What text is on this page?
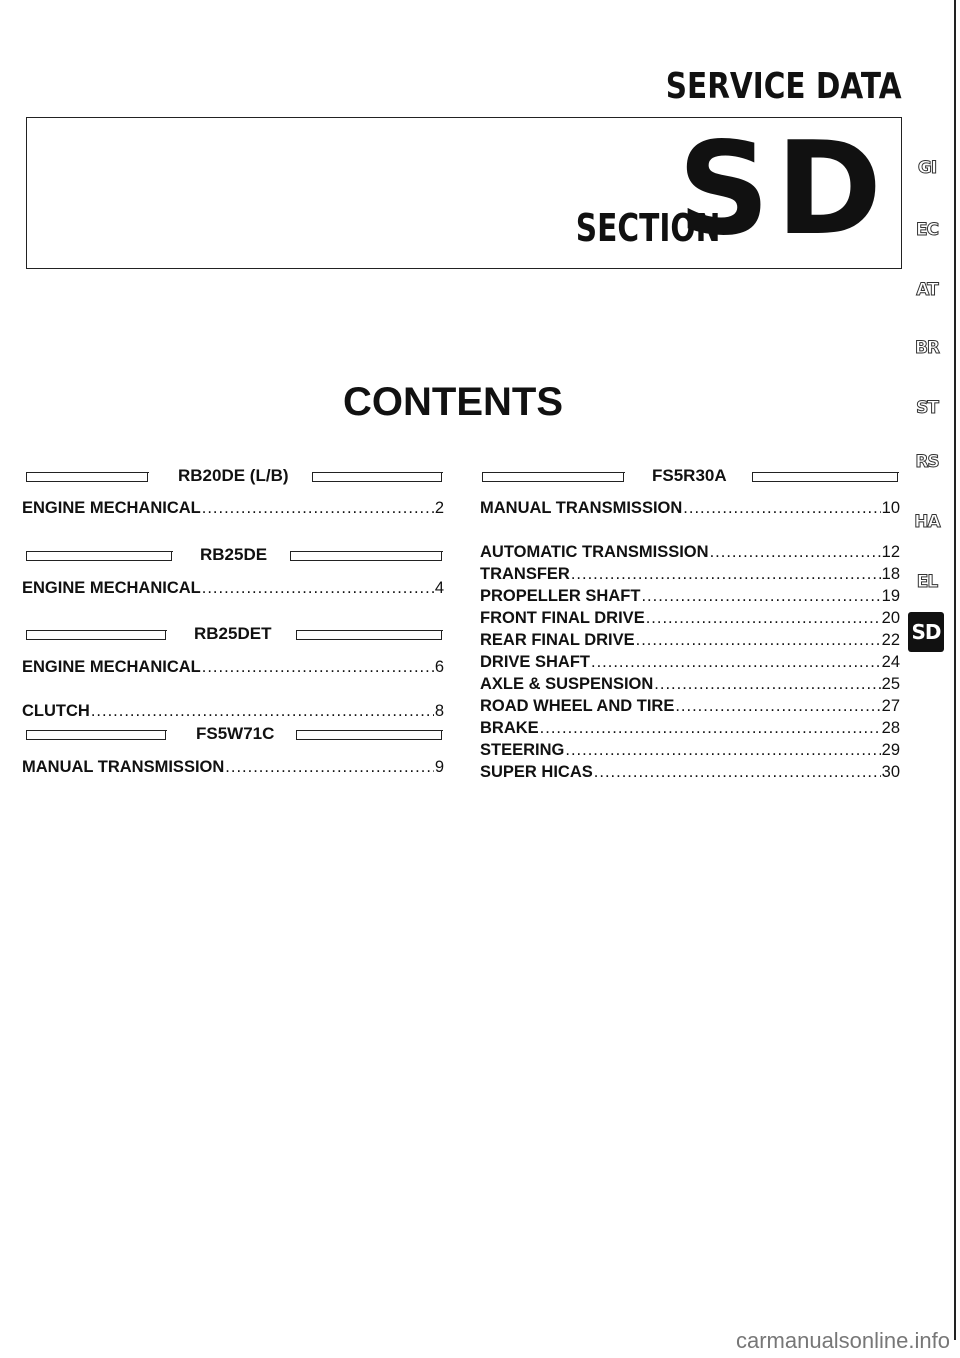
SERVICE DATA
SECTION
SD
CONTENTS
RB20DE (L/B)
ENGINE MECHANICAL .....	2
RB25DE
ENGINE MECHANICAL .....	4
RB25DET
ENGINE MECHANICAL .....	6
CLUTCH .....	8
FS5W71C
MANUAL TRANSMISSION .....	9
FS5R30A
MANUAL TRANSMISSION .....	10
AUTOMATIC TRANSMISSION .....	12
TRANSFER .....	18
PROPELLER SHAFT .....	19
FRONT FINAL DRIVE .....	20
REAR FINAL DRIVE .....	22
DRIVE SHAFT .....	24
AXLE & SUSPENSION .....	25
ROAD WHEEL AND TIRE .....	27
BRAKE .....	28
STEERING .....	29
SUPER HICAS .....	30
GI
EC
AT
BR
ST
RS
HA
EL
SD
carmanualsonline.info
